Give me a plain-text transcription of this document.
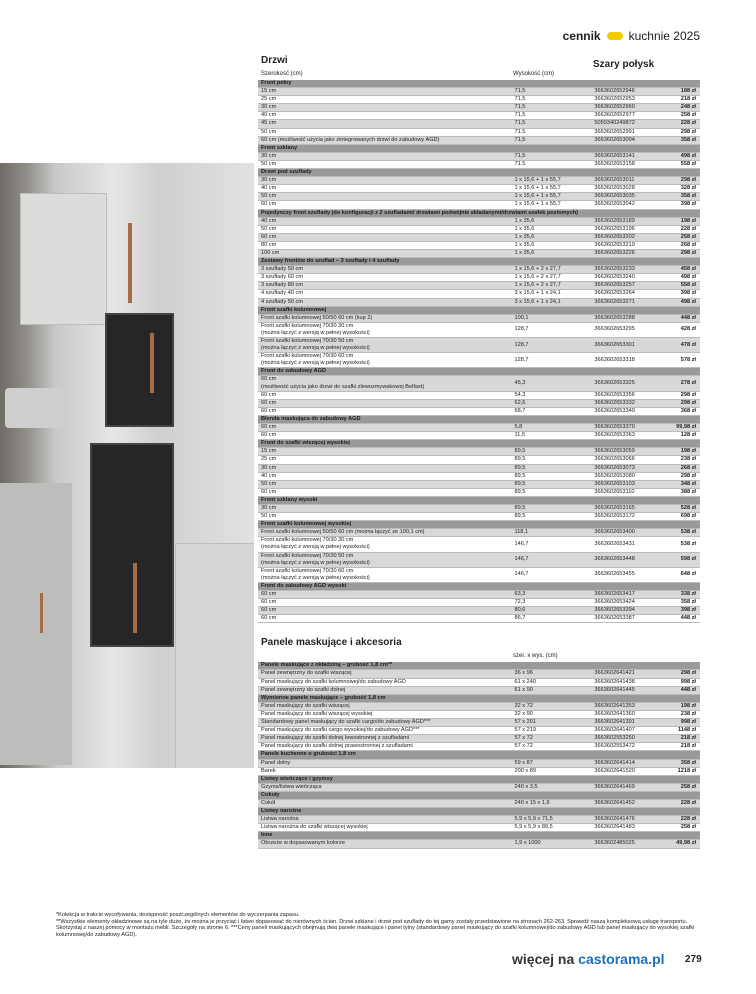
cennik kuchnie 2025
Drzwi
Szerokość (cm)	Wysokość (cm)
Szary połysk
Front pełny
15 cm	71,5	3663602652946	188 zł
25 cm	71,5	3663602652953	218 zł
30 cm	71,5	3663602652960	248 zł
40 cm	71,5	3663602652977	258 zł
45 cm	71,5	5059340249872	228 zł
50 cm	71,5	3663602652991	298 zł
60 cm (możliwość użycia jako zintegrowanych drzwi do zabudowy AGD)	71,5	3663602653004	358 zł
Front szklany
30 cm	71,5	3663602653141	498 zł
50 cm	71,5	3663602653158	558 zł
Drzwi pod szuflady
30 cm	1 x 15,6 + 1 x 55,7	3663602653011	298 zł
40 cm	1 x 15,6 + 1 x 55,7	3663602653028	328 zł
50 cm	1 x 15,6 + 1 x 55,7	3663602653035	358 zł
60 cm	1 x 15,6 + 1 x 55,7	3663602653042	398 zł
Pojedynczy front szuflady (do konfiguracji z 2 szufladami/ drzwiami podwójnie składanymi/drzwiami szafek poziomych)
40 cm	1 x 35,6	3663602653189	198 zł
50 cm	1 x 35,6	3663602653196	228 zł
60 cm	1 x 35,6	3663602653202	258 zł
80 cm	1 x 35,6	3663602653219	268 zł
100 cm	1 x 35,6	3663602653226	298 zł
Zestawy frontów do szuflad – 3 szuflady i 4 szuflady
3 szuflady 50 cm	1 x 15,6 + 2 x 27,7	3663602653233	458 zł
3 szuflady 60 cm	1 x 15,6 + 2 x 27,7	3663602653240	498 zł
3 szuflady 80 cm	1 x 15,6 + 2 x 27,7	3663602653257	558 zł
4 szuflady 40 cm	3 x 15,6 + 1 x 24,1	3663602653264	398 zł
4 szuflady 50 cm	3 x 15,6 + 1 x 24,1	3663602653271	498 zł
Front szafki kolumnowej
Front szafki kolumnowej 50/50 60 cm (kup 2)	100,1	3663602653288	448 zł
Front szafki kolumnowej 70/30 30 cm
(można łączyć z wersją w pełnej wysokości)
128,7	3663602653295	428 zł
Front szafki kolumnowej 70/30 50 cm
(można łączyć z wersją w pełnej wysokości)
128,7	3663602653301	478 zł
Front szafki kolumnowej 70/30 60 cm
(można łączyć z wersją w pełnej wysokości)
128,7	3663602653318	578 zł
Front do zabudowy AGD
60 cm
(możliwość użycia jako drzwi do szafki zlewozmywakowej Belfast)
45,3	3663602653325	278 zł
60 cm	54,3	3663602653356	298 zł
60 cm	62,6	3663602653332	298 zł
60 cm	68,7	3663602653349	368 zł
Blenda maskująca do zabudowy AGD
60 cm	5,8	3663602653370	99,98 zł
60 cm	11,5	3663602653363	128 zł
Front do szafki wiszącej wysokiej
15 cm	89,5	3663602653059	198 zł
25 cm	89,5	3663602653066	238 zł
30 cm	89,5	3663602653073	268 zł
40 cm	89,5	3663602653080	298 zł
50 cm	89,5	3663602653103	348 zł
60 cm	89,5	3663602653110	388 zł
Front szklany wysoki
30 cm	89,5	3663602653165	528 zł
50 cm	89,5	3663602653172	698 zł
Front szafki kolumnowej wysokiej
Front szafki kolumnowej 50/50 60 cm (można łączyć ze 100,1 cm)	118,1	3663602653400	538 zł
Front szafki kolumnowej 70/30 30 cm
(można łączyć z wersją w pełnej wysokości)
146,7	3663602653431	538 zł
Front szafki kolumnowej 70/30 50 cm
(można łączyć z wersją w pełnej wysokości)
146,7	3663602653448	598 zł
Front szafki kolumnowej 70/30 60 cm
(można łączyć z wersją w pełnej wysokości)
146,7	3663602653455	648 zł
Front do zabudowy AGD wysoki
60 cm	63,3	3663602653417	338 zł
60 cm	72,3	3663602653424	358 zł
60 cm	80,6	3663602653394	398 zł
60 cm	86,7	3663602653387	448 zł
Panele maskujące i akcesoria
szer. x wys. (cm)
Panele maskujące z okładziną – grubość 1,8 cm**
Panel zewnętrzny do szafki wiszącej	36 x 96	3663602641421	298 zł
Panel maskujący do szafki kolumnowej/do zabudowy AGD	61 x 240	3663602641438	998 zł
Panel zewnętrzny do szafki dolnej	61 x 90	3663602641445	448 zł
Wymienne panele maskujące – grubość 1,8 cm
Panel maskujący do szafki wiszącej	32 x 72	3663602641353	198 zł
Panel maskujący do szafki wiszącej wysokiej	32 x 90	3663602641360	238 zł
Standardowy panel maskujący do szafki cargo/do zabudowy AGD***	57 x 201	3663602641391	998 zł
Panel maskujący do szafki cargo wysokiej/do zabudowy AGD***	57 x 219	3663602641407	1148 zł
Panel maskujący do szafki dolnej lewostronnej z szufladami	57 x 72	3663602553250	218 zł
Panel maskujący do szafki dolnej prawostronnej z szufladami	57 x 72	3663602553472	218 zł
Panele kuchenne o grubości 1,8 cm
Panel dolny	59 x 87	3663602641414	358 zł
Barek	200 x 89	3663602641520	1218 zł
Listwy wieńczące i gzymsy
Gzyms/listwa wieńcząca	240 x 3,5	3663602641469	258 zł
Cokoły
Cokół	240 x 15 x 1,6	3663602641452	228 zł
Listwy narożne
Listwa narożna	5,9 x 5,9 x 71,5	3663602641476	228 zł
Listwa narożna do szafki wiszącej wysokiej	5,9 x 5,9 x 89,5	3663602641483	258 zł
Inne
Obrzeże w dopasowanym kolorze	1,9 x 1000	3663602485025	49,98 zł
*Kolekcja w trakcie wycofywania, dostępność poszczególnych elementów do wyczerpania zapasu.
**Wszystkie elementy okładzinowe są na tyle duże, że można je przyciąć i łatwo dopasować do nierównych ścian. Drzwi szklane i drzwi pod szuflady do tej gamy zostały przedstawione na stronach 262-263. Sprawdź naszą kompleksową usługę transportu. Skorzystaj z naszej pomocy w montażu mebli. Szczegóły na stronie 6. ***Ceny paneli maskujących obejmują dwa panele maskujące i panel tylny (standardowy panel maskujący do szafki kolumnowej/do zabudowy AGD lub panel maskujący do wysokiej szafki kolumnowej/do zabudowy AGD).
więcej na castorama.pl 279
